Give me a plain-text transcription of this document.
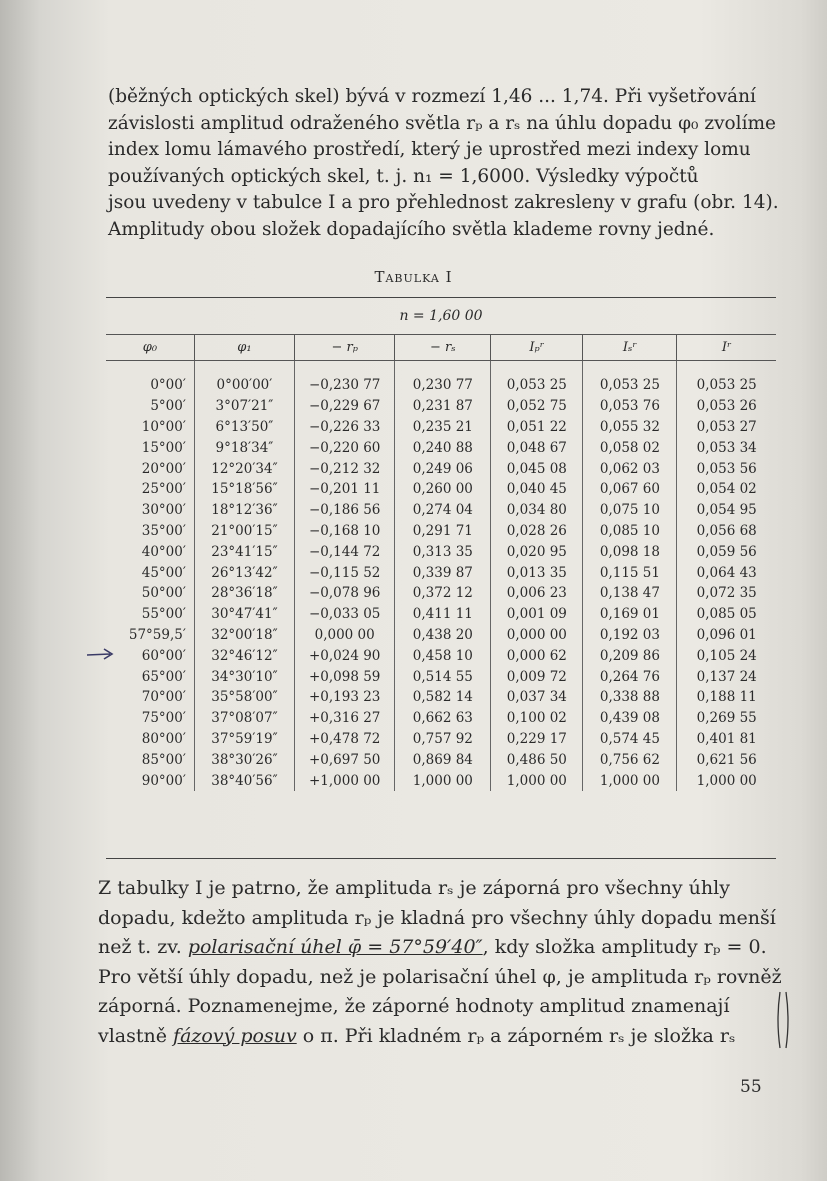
(běžných optických skel) bývá v rozmezí 1,46 ... 1,74. Při vyšetřování
závislosti amplitud odraženého světla rₚ a rₛ na úhlu dopadu φ₀ zvolíme
index lomu lámavého prostředí, který je uprostřed mezi indexy lomu
používaných optických skel, t. j. n₁ = 1,6000. Výsledky výpočtů
jsou uvedeny v tabulce I a pro přehlednost zakresleny v grafu (obr. 14).
Amplitudy obou složek dopadajícího světla klademe rovny jedné.

Tabulka I
n = 1,60 00
φ₀	φ₁	− rₚ	− rₛ	Iₚʳ	Iₛʳ	Iʳ

0°00′	0°00′00′	−0,230 77	0,230 77	0,053 25	0,053 25	0,053 25
5°00′	3°07′21″	−0,229 67	0,231 87	0,052 75	0,053 76	0,053 26
10°00′	6°13′50″	−0,226 33	0,235 21	0,051 22	0,055 32	0,053 27
15°00′	9°18′34″	−0,220 60	0,240 88	0,048 67	0,058 02	0,053 34
20°00′	12°20′34″	−0,212 32	0,249 06	0,045 08	0,062 03	0,053 56
25°00′	15°18′56″	−0,201 11	0,260 00	0,040 45	0,067 60	0,054 02
30°00′	18°12′36″	−0,186 56	0,274 04	0,034 80	0,075 10	0,054 95
35°00′	21°00′15″	−0,168 10	0,291 71	0,028 26	0,085 10	0,056 68
40°00′	23°41′15″	−0,144 72	0,313 35	0,020 95	0,098 18	0,059 56
45°00′	26°13′42″	−0,115 52	0,339 87	0,013 35	0,115 51	0,064 43
50°00′	28°36′18″	−0,078 96	0,372 12	0,006 23	0,138 47	0,072 35
55°00′	30°47′41″	−0,033 05	0,411 11	0,001 09	0,169 01	0,085 05
57°59,5′	32°00′18″	0,000 00	0,438 20	0,000 00	0,192 03	0,096 01
60°00′	32°46′12″	+0,024 90	0,458 10	0,000 62	0,209 86	0,105 24
65°00′	34°30′10″	+0,098 59	0,514 55	0,009 72	0,264 76	0,137 24
70°00′	35°58′00″	+0,193 23	0,582 14	0,037 34	0,338 88	0,188 11
75°00′	37°08′07″	+0,316 27	0,662 63	0,100 02	0,439 08	0,269 55
80°00′	37°59′19″	+0,478 72	0,757 92	0,229 17	0,574 45	0,401 81
85°00′	38°30′26″	+0,697 50	0,869 84	0,486 50	0,756 62	0,621 56
90°00′	38°40′56″	+1,000 00	1,000 00	1,000 00	1,000 00	1,000 00
Z tabulky I je patrno, že amplituda rₛ je záporná pro všechny úhly
dopadu, kdežto amplituda rₚ je kladná pro všechny úhly dopadu menší
než t. zv. polarisační úhel φ̄ = 57°59′40″, kdy složka amplitudy rₚ = 0.
Pro větší úhly dopadu, než je polarisační úhel φ, je amplituda rₚ rovněž
záporná. Poznamenejme, že záporné hodnoty amplitud znamenají
vlastně fázový posuv o π. Při kladném rₚ a záporném rₛ je složka rₛ
55
